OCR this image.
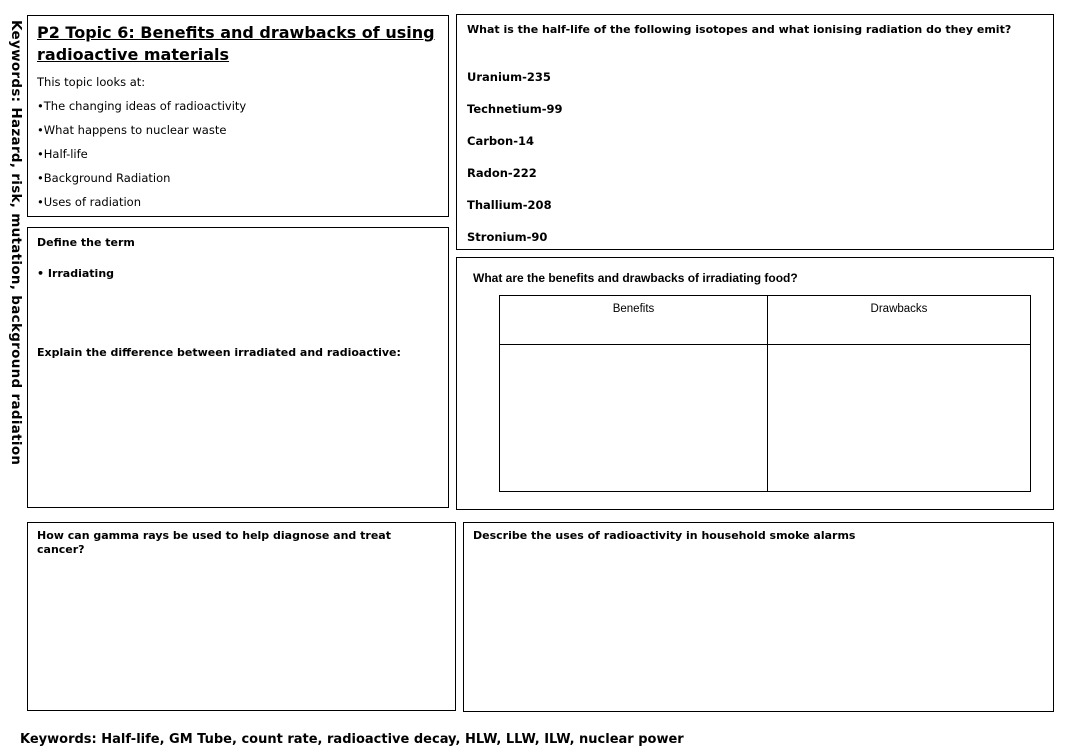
Keywords: Hazard, risk, mutation, background radiation P2 Topic 6: Benefits and drawbacks of using radioactive materials

This topic looks at:
•The changing ideas of radioactivity
•What happens to nuclear waste
•Half-life
•Background Radiation
•Uses of radiation

What is the half-life of the following isotopes and what ionising radiation do they emit?

Uranium-235
Technetium-99
Carbon-14
Radon-222
Thallium-208
Stronium-90
Define the term
• Irradiating
Explain the difference between irradiated and radioactive:
What are the benefits and drawbacks of irradiating food?
Benefits	Drawbacks

How can gamma rays be used to help diagnose and treat cancer?

Describe the uses of radioactivity in household smoke alarms
Keywords: Half-life, GM Tube, count rate, radioactive decay, HLW, LLW, ILW, nuclear power
